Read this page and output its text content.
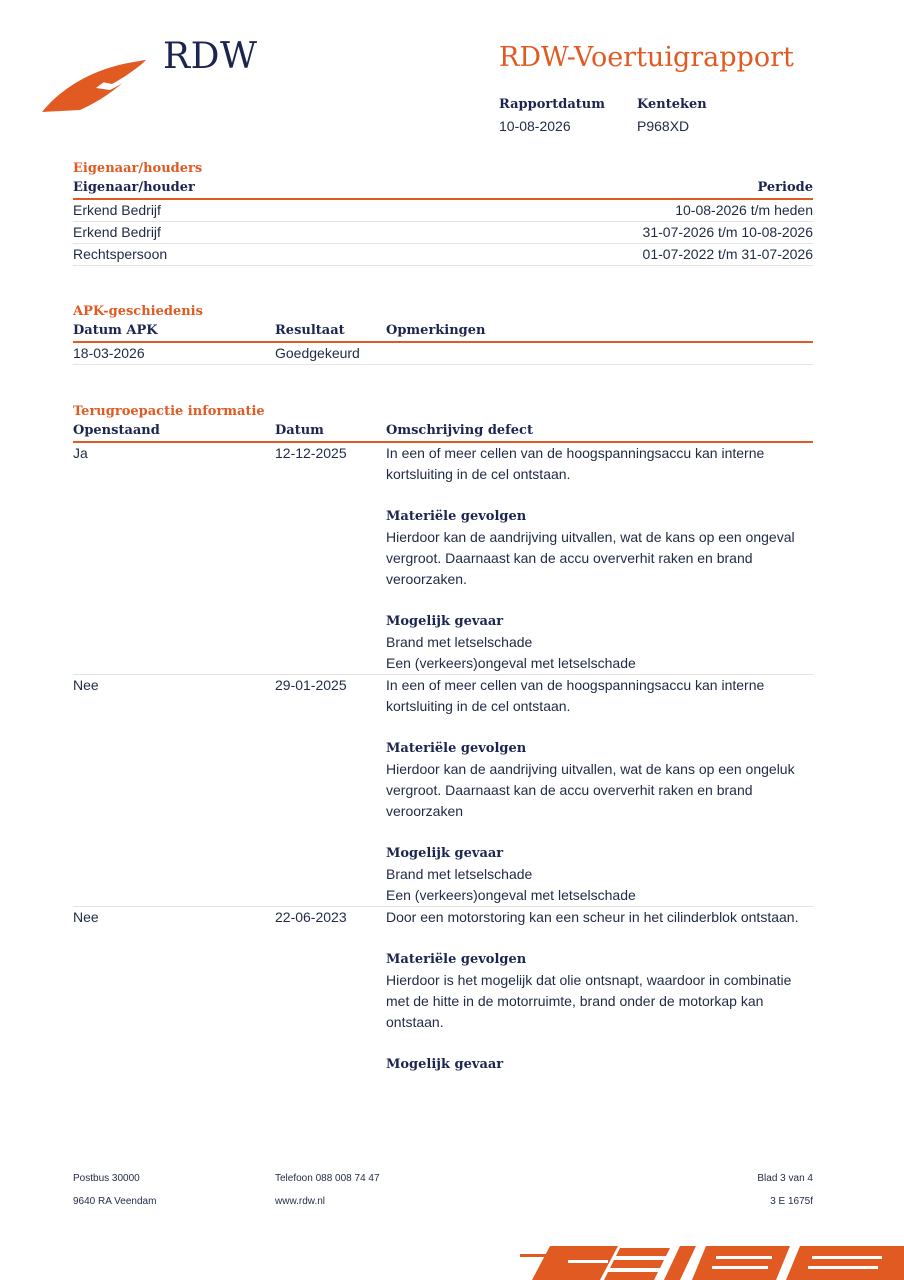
RDW	RDW-Voertuigrapport
Rapportdatum
10-08-2026
Kenteken
P968XD
Eigenaar/houders
Eigenaar/houder	Periode
Erkend Bedrijf	10-08-2026 t/m heden
Erkend Bedrijf	31-07-2026 t/m 10-08-2026
Rechtspersoon	01-07-2022 t/m 31-07-2026
APK-geschiedenis
Datum APK	Resultaat	Opmerkingen
18-03-2026	Goedgekeurd
Terugroepactie informatie
Openstaand	Datum	Omschrijving defect
Ja	12-12-2025	In een of meer cellen van de hoogspanningsaccu kan interne
kortsluiting in de cel ontstaan.
Materiële gevolgen
Hierdoor kan de aandrijving uitvallen, wat de kans op een ongeval
vergroot. Daarnaast kan de accu oververhit raken en brand
veroorzaken.
Mogelijk gevaar
Brand met letselschade
Een (verkeers)ongeval met letselschade
Nee	29-01-2025	In een of meer cellen van de hoogspanningsaccu kan interne
kortsluiting in de cel ontstaan.
Materiële gevolgen
Hierdoor kan de aandrijving uitvallen, wat de kans op een ongeluk
vergroot. Daarnaast kan de accu oververhit raken en brand
veroorzaken
Mogelijk gevaar
Brand met letselschade
Een (verkeers)ongeval met letselschade
Nee	22-06-2023	Door een motorstoring kan een scheur in het cilinderblok ontstaan.
Materiële gevolgen
Hierdoor is het mogelijk dat olie ontsnapt, waardoor in combinatie
met de hitte in de motorruimte, brand onder de motorkap kan
ontstaan.
Mogelijk gevaar
Postbus 30000
9640 RA Veendam
Telefoon 088 008 74 47
www.rdw.nl
Blad 3 van 4
3 E 1675f
